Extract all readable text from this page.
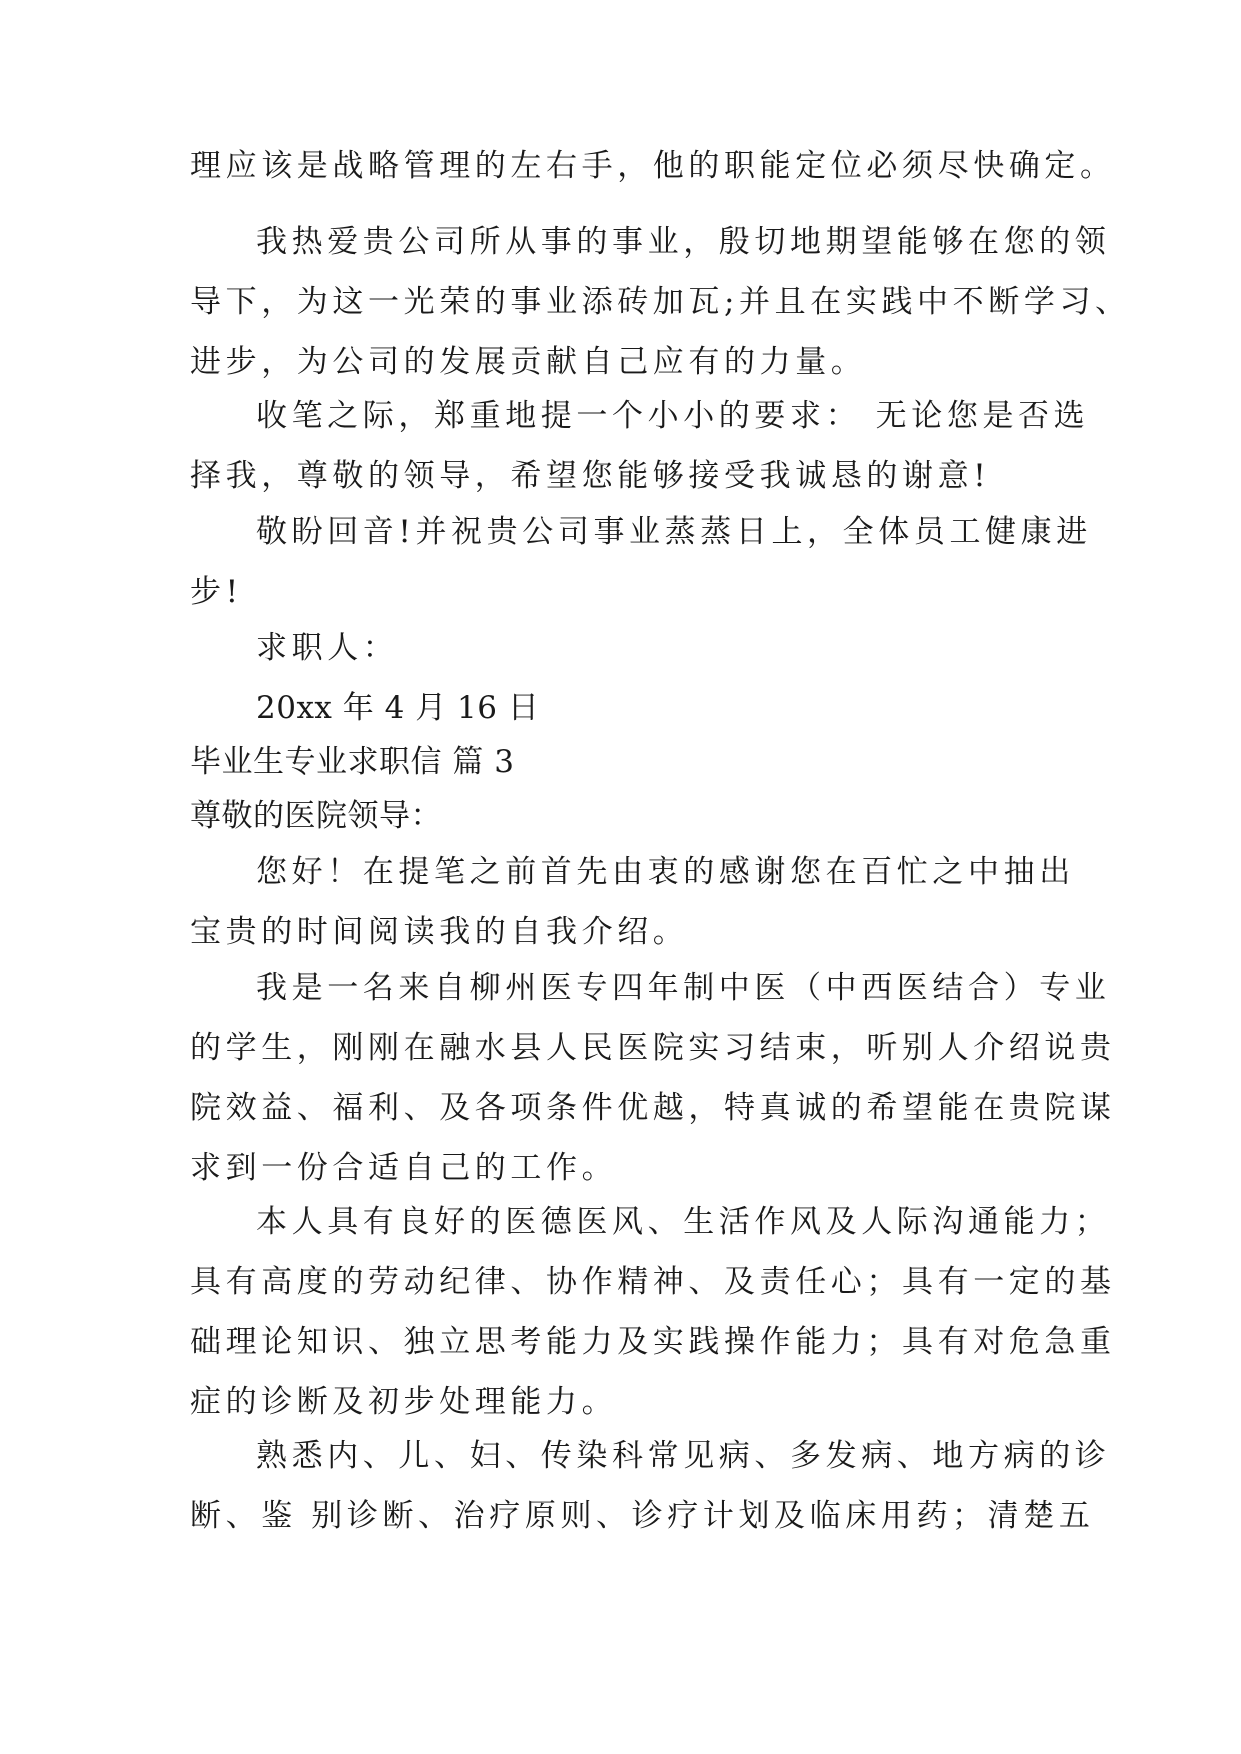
理应该是战略管理的左右手，他的职能定位必须尽快确定。
我热爱贵公司所从事的事业，殷切地期望能够在您的领
导下，为这一光荣的事业添砖加瓦;并且在实践中不断学习、
进步，为公司的发展贡献自己应有的力量。
收笔之际，郑重地提一个小小的要求： 无论您是否选
择我，尊敬的领导，希望您能够接受我诚恳的谢意!
敬盼回音!并祝贵公司事业蒸蒸日上，全体员工健康进
步!
求职人：
20xx 年 4 月 16 日
毕业生专业求职信 篇 3
尊敬的医院领导：
您好！在提笔之前首先由衷的感谢您在百忙之中抽出
宝贵的时间阅读我的自我介绍。
我是一名来自柳州医专四年制中医（中西医结合）专业
的学生，刚刚在融水县人民医院实习结束，听别人介绍说贵
院效益、福利、及各项条件优越，特真诚的希望能在贵院谋
求到一份合适自己的工作。
本人具有良好的医德医风、生活作风及人际沟通能力；
具有高度的劳动纪律、协作精神、及责任心；具有一定的基
础理论知识、独立思考能力及实践操作能力；具有对危急重
症的诊断及初步处理能力。
熟悉内、儿、妇、传染科常见病、多发病、地方病的诊
断、鉴 别诊断、治疗原则、诊疗计划及临床用药；清楚五
